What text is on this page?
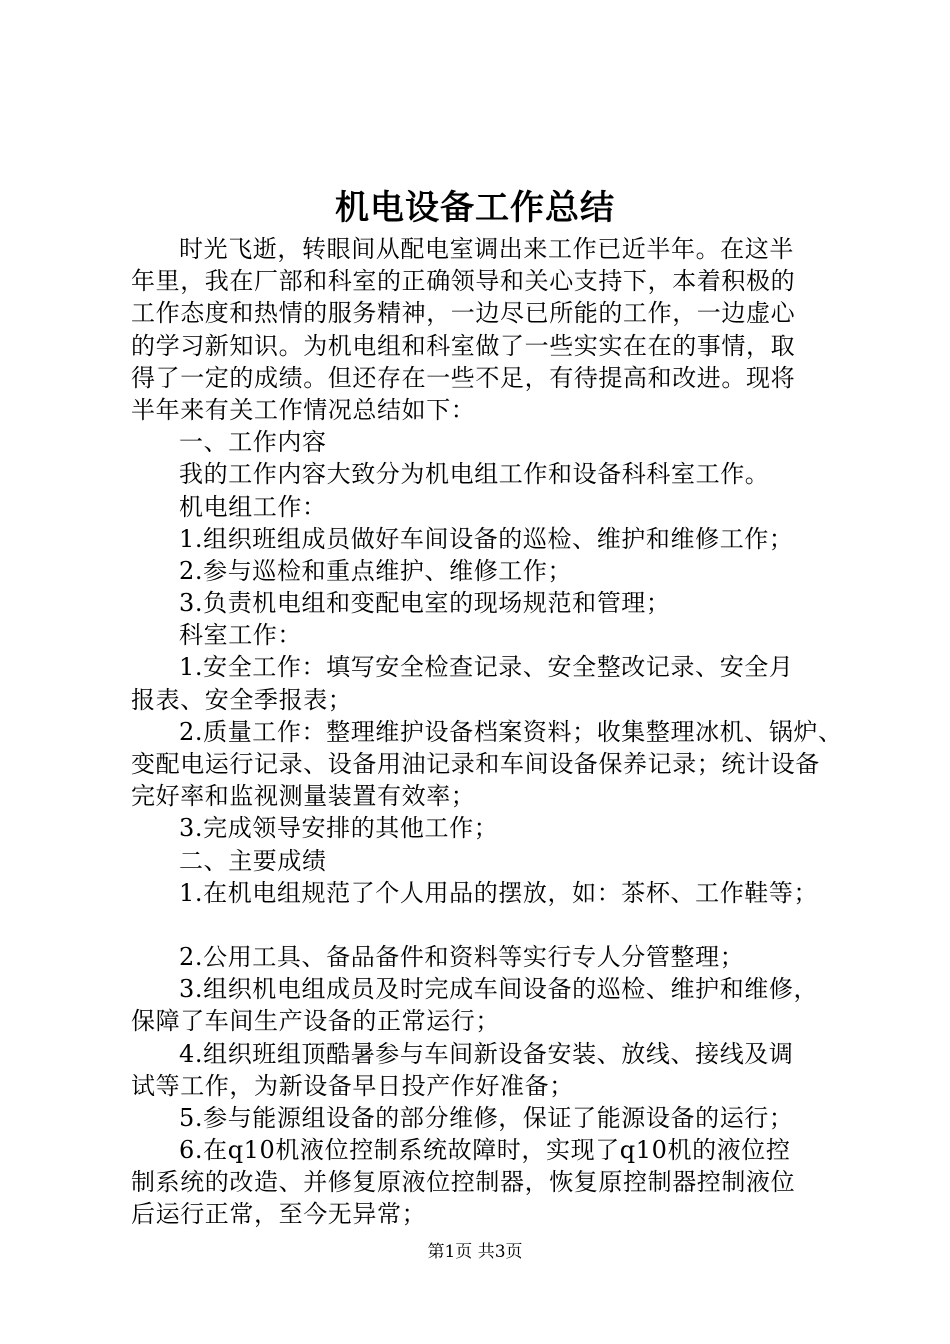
机电设备工作总结
时光飞逝，转眼间从配电室调出来工作已近半年。在这半
年里，我在厂部和科室的正确领导和关心支持下，本着积极的
工作态度和热情的服务精神，一边尽已所能的工作，一边虚心
的学习新知识。为机电组和科室做了一些实实在在的事情，取
得了一定的成绩。但还存在一些不足，有待提高和改进。现将
半年来有关工作情况总结如下：
一、工作内容
我的工作内容大致分为机电组工作和设备科科室工作。
机电组工作：
1.组织班组成员做好车间设备的巡检、维护和维修工作；
2.参与巡检和重点维护、维修工作；
3.负责机电组和变配电室的现场规范和管理；
科室工作：
1.安全工作：填写安全检查记录、安全整改记录、安全月
报表、安全季报表；
2.质量工作：整理维护设备档案资料；收集整理冰机、锅炉、
变配电运行记录、设备用油记录和车间设备保养记录；统计设备
完好率和监视测量装置有效率；
3.完成领导安排的其他工作；
二、主要成绩
1.在机电组规范了个人用品的摆放，如：茶杯、工作鞋等；
2.公用工具、备品备件和资料等实行专人分管整理；
3.组织机电组成员及时完成车间设备的巡检、维护和维修，
保障了车间生产设备的正常运行；
4.组织班组顶酷暑参与车间新设备安装、放线、接线及调
试等工作，为新设备早日投产作好准备；
5.参与能源组设备的部分维修，保证了能源设备的运行；
6.在q10机液位控制系统故障时，实现了q10机的液位控
制系统的改造、并修复原液位控制器，恢复原控制器控制液位
后运行正常，至今无异常；
第1页 共3页
